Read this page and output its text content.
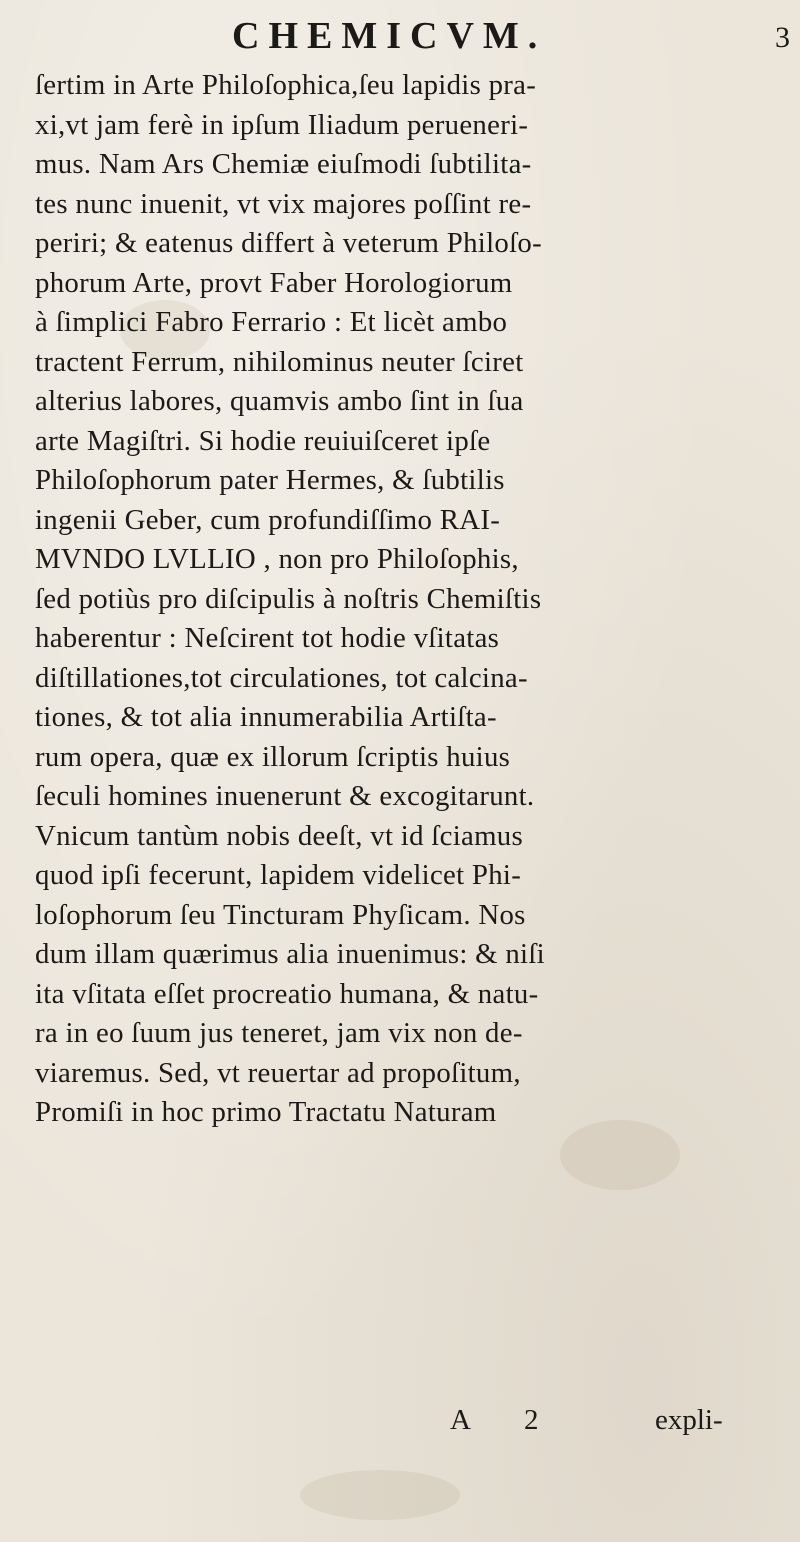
CHEMICVM.	3
ſertim in Arte Philoſophica,ſeu lapidis pra-
xi,vt jam ferè in ipſum Iliadum perueneri-
mus. Nam Ars Chemiæ eiuſmodi ſubtilita-
tes nunc inuenit, vt vix majores poſſint re-
periri; & eatenus differt à veterum Philoſo-
phorum Arte, provt Faber Horologiorum
à ſimplici Fabro Ferrario : Et licèt ambo
tractent Ferrum, nihilominus neuter ſciret
alterius labores, quamvis ambo ſint in ſua
arte Magiſtri. Si hodie reuiuiſceret ipſe
Philoſophorum pater Hermes, & ſubtilis
ingenii Geber, cum profundiſſimo RAI-
MVNDO LVLLIO , non pro Philoſophis,
ſed potiùs pro diſcipulis à noſtris Chemiſtis
haberentur : Neſcirent tot hodie vſitatas
diſtillationes,tot circulationes, tot calcina-
tiones, & tot alia innumerabilia Artiſta-
rum opera, quæ ex illorum ſcriptis huius
ſeculi homines inuenerunt & excogitarunt.
Vnicum tantùm nobis deeſt, vt id ſciamus
quod ipſi fecerunt, lapidem videlicet Phi-
loſophorum ſeu Tincturam Phyſicam. Nos
dum illam quærimus alia inuenimus: & niſi
ita vſitata eſſet procreatio humana, & natu-
ra in eo ſuum jus teneret, jam vix non de-
viaremus. Sed, vt reuertar ad propoſitum,
Promiſi in hoc primo Tractatu Naturam
A 2	expli-
